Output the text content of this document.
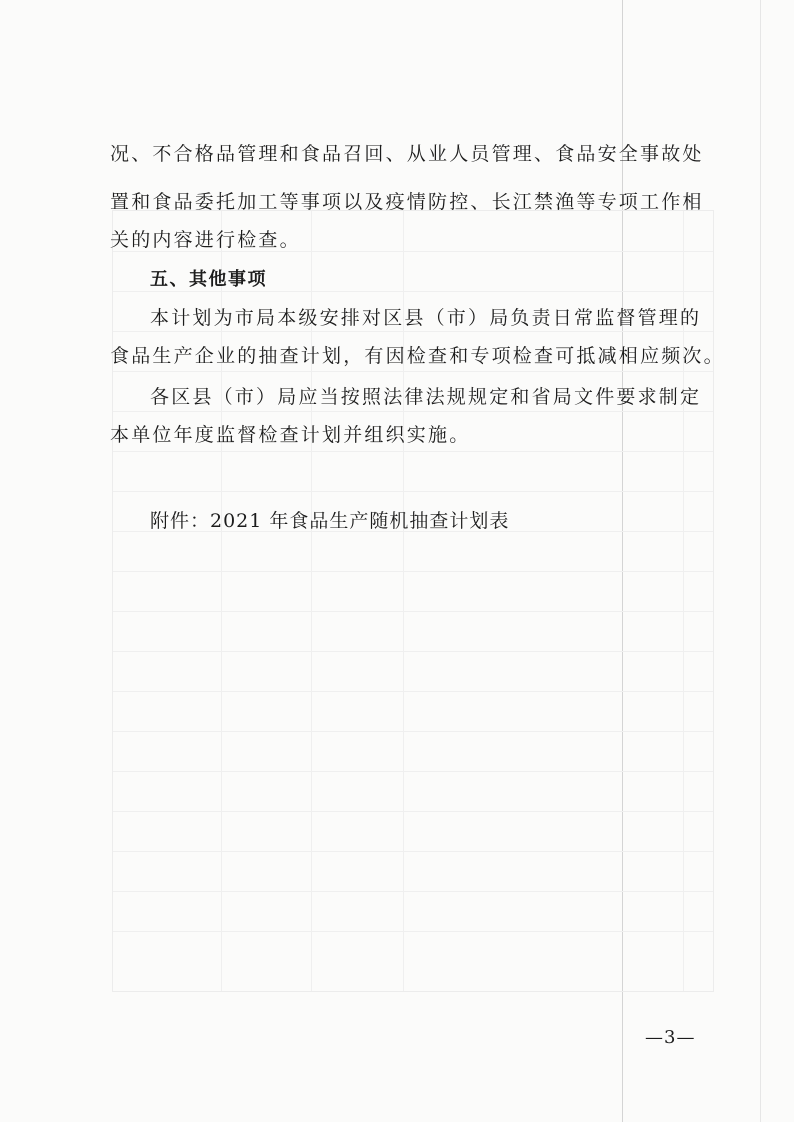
况、不合格品管理和食品召回、从业人员管理、食品安全事故处
置和食品委托加工等事项以及疫情防控、长江禁渔等专项工作相
关的内容进行检查。
五、其他事项
本计划为市局本级安排对区县（市）局负责日常监督管理的
食品生产企业的抽查计划，有因检查和专项检查可抵减相应频次。
各区县（市）局应当按照法律法规规定和省局文件要求制定
本单位年度监督检查计划并组织实施。
附件：2021 年食品生产随机抽查计划表
—3—
